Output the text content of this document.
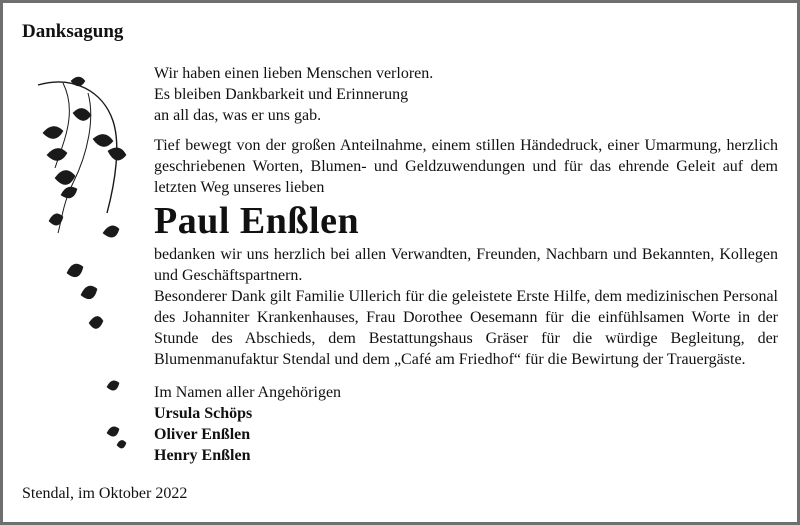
Danksagung

Wir haben einen lieben Menschen verloren.
Es bleiben Dankbarkeit und Erinnerung
an all das, was er uns gab.

Tief bewegt von der großen Anteilnahme, einem stillen Händedruck, einer Umarmung, herzlich geschriebenen Worten, Blumen- und Geldzuwendungen und für das ehrende Geleit auf dem letzten Weg unseres lieben

Paul Enßlen

bedanken wir uns herzlich bei allen Verwandten, Freunden, Nachbarn und Bekannten, Kollegen und Geschäftspartnern.

Besonderer Dank gilt Familie Ullerich für die geleistete Erste Hilfe, dem medizinischen Personal des Johanniter Krankenhauses, Frau Dorothee Oesemann für die einfühlsamen Worte in der Stunde des Abschieds, dem Bestattungshaus Gräser für die würdige Begleitung, der Blumenmanufaktur Stendal und dem „Café am Friedhof“ für die Bewirtung der Trauergäste.

Im Namen aller Angehörigen

Ursula Schöps
Oliver Enßlen
Henry Enßlen

Stendal, im Oktober 2022
